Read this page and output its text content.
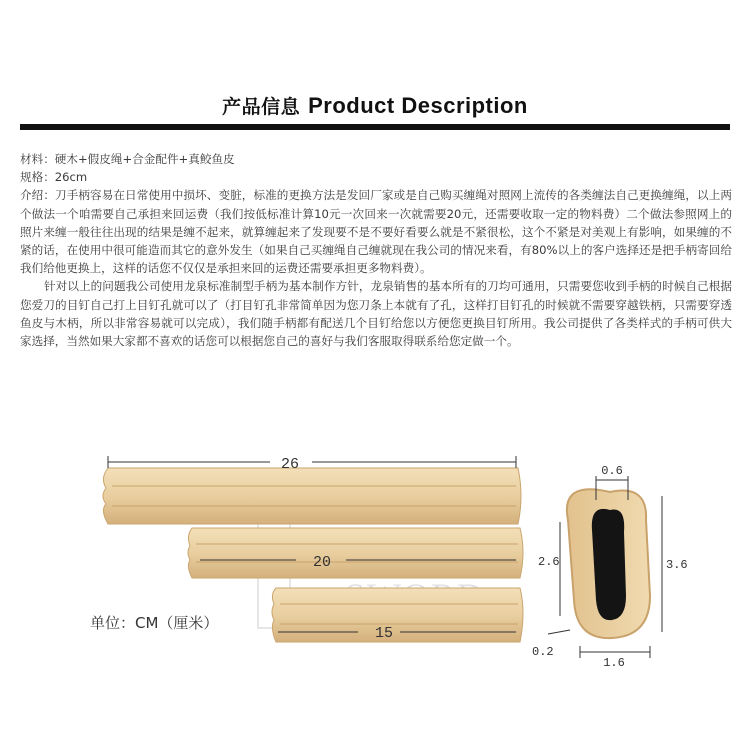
产品信息 Product Description

材料：硬木+假皮绳+合金配件+真鲛鱼皮

规格：26cm

介绍：刀手柄容易在日常使用中损坏、变脏，标准的更换方法是发回厂家或是自己购买缠绳对照网上流传的各类缠法自己更换缠绳，以上两个做法一个咱需要自己承担来回运费（我们按低标准计算10元一次回来一次就需要20元，还需要收取一定的物料费）二个做法参照网上的照片来缠一般往往出现的结果是缠不起来，就算缠起来了发现要不是不要好看要么就是不紧很松，这个不紧是对美观上有影响，如果缠的不紧的话，在使用中很可能造而其它的意外发生（如果自己买缠绳自己缠就现在我公司的情况来看，有80%以上的客户选择还是把手柄寄回给我们给他更换上，这样的话您不仅仅是承担来回的运费还需要承担更多物料费）。

针对以上的问题我公司使用龙泉标准制型手柄为基本制作方针，龙泉销售的基本所有的刀均可通用，只需要您收到手柄的时候自己根据您爱刀的目钉自己打上目钉孔就可以了（打目钉孔非常简单因为您刀条上本就有了孔，这样打目钉孔的时候就不需要穿越铁柄，只需要穿透鱼皮与木柄，所以非常容易就可以完成），我们随手柄都有配送几个目钉给您以方便您更换目钉所用。我公司提供了各类样式的手柄可供大家选择，当然如果大家都不喜欢的话您可以根据您自己的喜好与我们客服取得联系给您定做一个。

26
20
15
0.6
2.6	3.6
0.2
1.6
单位：CM（厘米）
